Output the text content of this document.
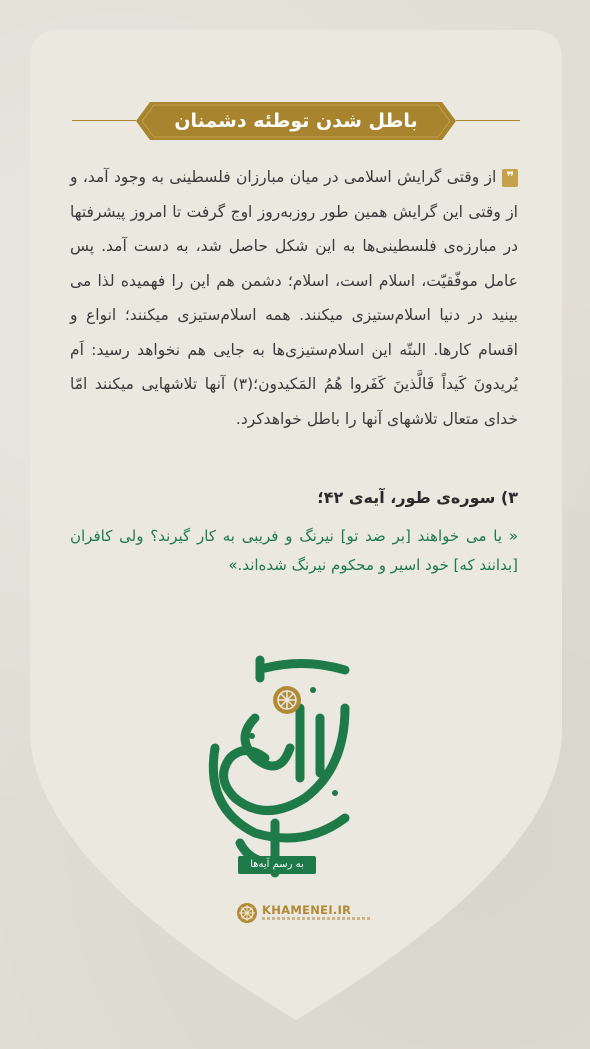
باطل شدن توطئه دشمنان
❞از وقتی گرایش اسلامی در میان مبارزان فلسطینی به وجود آمد، و از وقتی این گرایش همین طور روزبه‌روز اوج گرفت تا امروز پیشرفتها در مبارزه‌ی فلسطینی‌ها به این شکل حاصل شد، به دست آمد. پس عامل موفّقیّت، اسلام است، اسلام؛ دشمن هم این را فهمیده لذا می بینید در دنیا اسلام‌ستیزی میکنند. همه اسلام‌ستیزی میکنند؛ انواع و اقسام کارها. البتّه این اسلام‌ستیزی‌ها به جایی هم نخواهد رسید: اَم یُریدونَ کَیداً فَالَّذینَ کَفَروا هُمُ المَکیدون؛(۳) آنها تلاشهایی میکنند امّا خدای متعال تلاشهای آنها را باطل خواهدکرد.
۳) سوره‌ی طور، آیه‌ی ۴۲؛
« یا می خواهند [بر ضد تو] نیرنگ و فریبی به کار گیرند؟ ولی کافران [بدانند که] خود اسیر و محکوم نیرنگ شده‌اند.»
به رسم آیه‌ها
KHAMENEI.IR
